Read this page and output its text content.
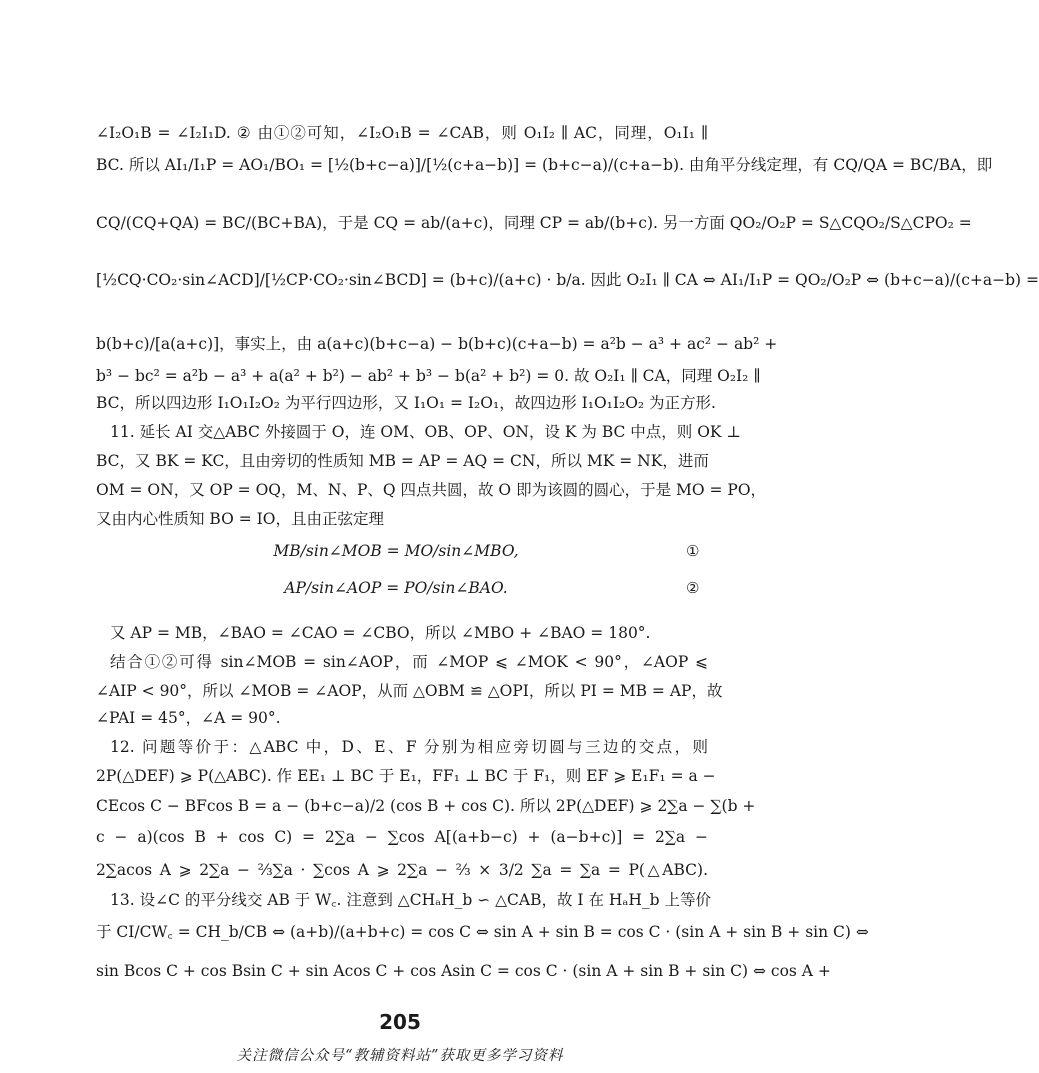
∠I₂O₁B = ∠I₂I₁D. ② 由①②可知，∠I₂O₁B = ∠CAB，则 O₁I₂ ∥ AC，同理，O₁I₁ ∥
BC. 所以 AI₁/I₁P = AO₁/BO₁ = [½(b+c−a)]/[½(c+a−b)] = (b+c−a)/(c+a−b). 由角平分线定理，有 CQ/QA = BC/BA，即
CQ/(CQ+QA) = BC/(BC+BA)，于是 CQ = ab/(a+c)，同理 CP = ab/(b+c). 另一方面 QO₂/O₂P = S△CQO₂/S△CPO₂ =
[½CQ·CO₂·sin∠ACD]/[½CP·CO₂·sin∠BCD] = (b+c)/(a+c) · b/a. 因此 O₂I₁ ∥ CA ⇔ AI₁/I₁P = QO₂/O₂P ⇔ (b+c−a)/(c+a−b) =
b(b+c)/[a(a+c)]，事实上，由 a(a+c)(b+c−a) − b(b+c)(c+a−b) = a²b − a³ + ac² − ab² +
b³ − bc² = a²b − a³ + a(a² + b²) − ab² + b³ − b(a² + b²) = 0. 故 O₂I₁ ∥ CA，同理 O₂I₂ ∥
BC，所以四边形 I₁O₁I₂O₂ 为平行四边形，又 I₁O₁ = I₂O₁，故四边形 I₁O₁I₂O₂ 为正方形.
11. 延长 AI 交△ABC 外接圆于 O，连 OM、OB、OP、ON，设 K 为 BC 中点，则 OK ⊥
BC，又 BK = KC，且由旁切的性质知 MB = AP = AQ = CN，所以 MK = NK，进而
OM = ON，又 OP = OQ，M、N、P、Q 四点共圆，故 O 即为该圆的圆心，于是 MO = PO，
又由内心性质知 BO = IO，且由正弦定理
MB/sin∠MOB = MO/sin∠MBO,	①
AP/sin∠AOP = PO/sin∠BAO.	②
又 AP = MB，∠BAO = ∠CAO = ∠CBO，所以 ∠MBO + ∠BAO = 180°.
结合①②可得 sin∠MOB = sin∠AOP，而 ∠MOP ⩽ ∠MOK < 90°，∠AOP ⩽
∠AIP < 90°，所以 ∠MOB = ∠AOP，从而 △OBM ≌ △OPI，所以 PI = MB = AP，故
∠PAI = 45°，∠A = 90°.
12. 问题等价于：△ABC 中，D、E、F 分别为相应旁切圆与三边的交点，则
2P(△DEF) ⩾ P(△ABC). 作 EE₁ ⊥ BC 于 E₁，FF₁ ⊥ BC 于 F₁，则 EF ⩾ E₁F₁ = a −
CEcos C − BFcos B = a − (b+c−a)/2 (cos B + cos C). 所以 2P(△DEF) ⩾ 2∑a − ∑(b +
c − a)(cos B + cos C) = 2∑a − ∑cos A[(a+b−c) + (a−b+c)] = 2∑a −
2∑acos A ⩾ 2∑a − ⅔∑a · ∑cos A ⩾ 2∑a − ⅔ × 3/2 ∑a = ∑a = P(△ABC).
13. 设∠C 的平分线交 AB 于 W꜀. 注意到 △CHₐH_b ∽ △CAB，故 I 在 HₐH_b 上等价
于 CI/CW꜀ = CH_b/CB ⇔ (a+b)/(a+b+c) = cos C ⇔ sin A + sin B = cos C · (sin A + sin B + sin C) ⇔
sin Bcos C + cos Bsin C + sin Acos C + cos Asin C = cos C · (sin A + sin B + sin C) ⇔ cos A +
205
关注微信公众号“教辅资料站”获取更多学习资料
